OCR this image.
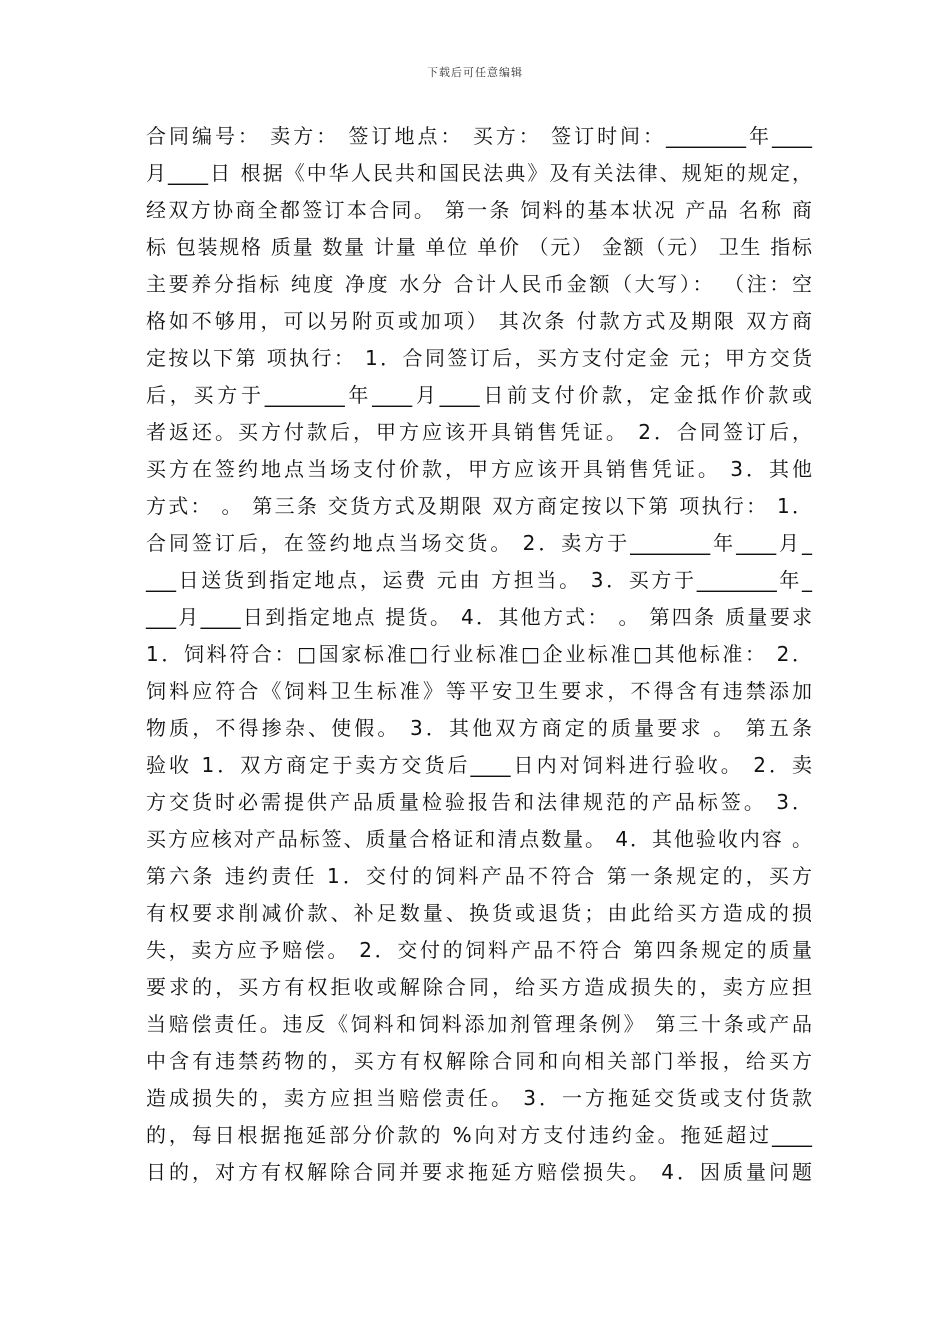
下载后可任意编辑
合同编号： 卖方： 签订地点： 买方： 签订时间：________年____
月____日 根据《中华人民共和国民法典》及有关法律、规矩的规定，
经双方协商全都签订本合同。 第一条 饲料的基本状况 产品 名称 商
标 包装规格 质量 数量 计量 单位 单价 （元） 金额（元） 卫生 指标
主要养分指标 纯度 净度 水分 合计人民币金额（大写）： （注：空
格如不够用，可以另附页或加项） 其次条 付款方式及期限 双方商
定按以下第 项执行： 1．合同签订后，买方支付定金 元；甲方交货
后，买方于________年____月____日前支付价款，定金抵作价款或
者返还。买方付款后，甲方应该开具销售凭证。 2．合同签订后，
买方在签约地点当场支付价款，甲方应该开具销售凭证。 3．其他
方式： 。 第三条 交货方式及期限 双方商定按以下第 项执行： 1．
合同签订后，在签约地点当场交货。 2．卖方于________年____月_
___日送货到指定地点，运费 元由 方担当。 3．买方于________年_
___月____日到指定地点 提货。 4．其他方式： 。 第四条 质量要求
1．饲料符合：□国家标准□行业标准□企业标准□其他标准： 2．
饲料应符合《饲料卫生标准》等平安卫生要求，不得含有违禁添加
物质，不得掺杂、使假。 3．其他双方商定的质量要求 。 第五条
验收 1．双方商定于卖方交货后____日内对饲料进行验收。 2．卖
方交货时必需提供产品质量检验报告和法律规范的产品标签。 3．
买方应核对产品标签、质量合格证和清点数量。 4．其他验收内容 。
第六条 违约责任 1．交付的饲料产品不符合 第一条规定的，买方
有权要求削减价款、补足数量、换货或退货；由此给买方造成的损
失，卖方应予赔偿。 2．交付的饲料产品不符合 第四条规定的质量
要求的，买方有权拒收或解除合同，给买方造成损失的，卖方应担
当赔偿责任。违反《饲料和饲料添加剂管理条例》 第三十条或产品
中含有违禁药物的，买方有权解除合同和向相关部门举报，给买方
造成损失的，卖方应担当赔偿责任。 3．一方拖延交货或支付货款
的，每日根据拖延部分价款的 %向对方支付违约金。拖延超过____
日的，对方有权解除合同并要求拖延方赔偿损失。 4．因质量问题
